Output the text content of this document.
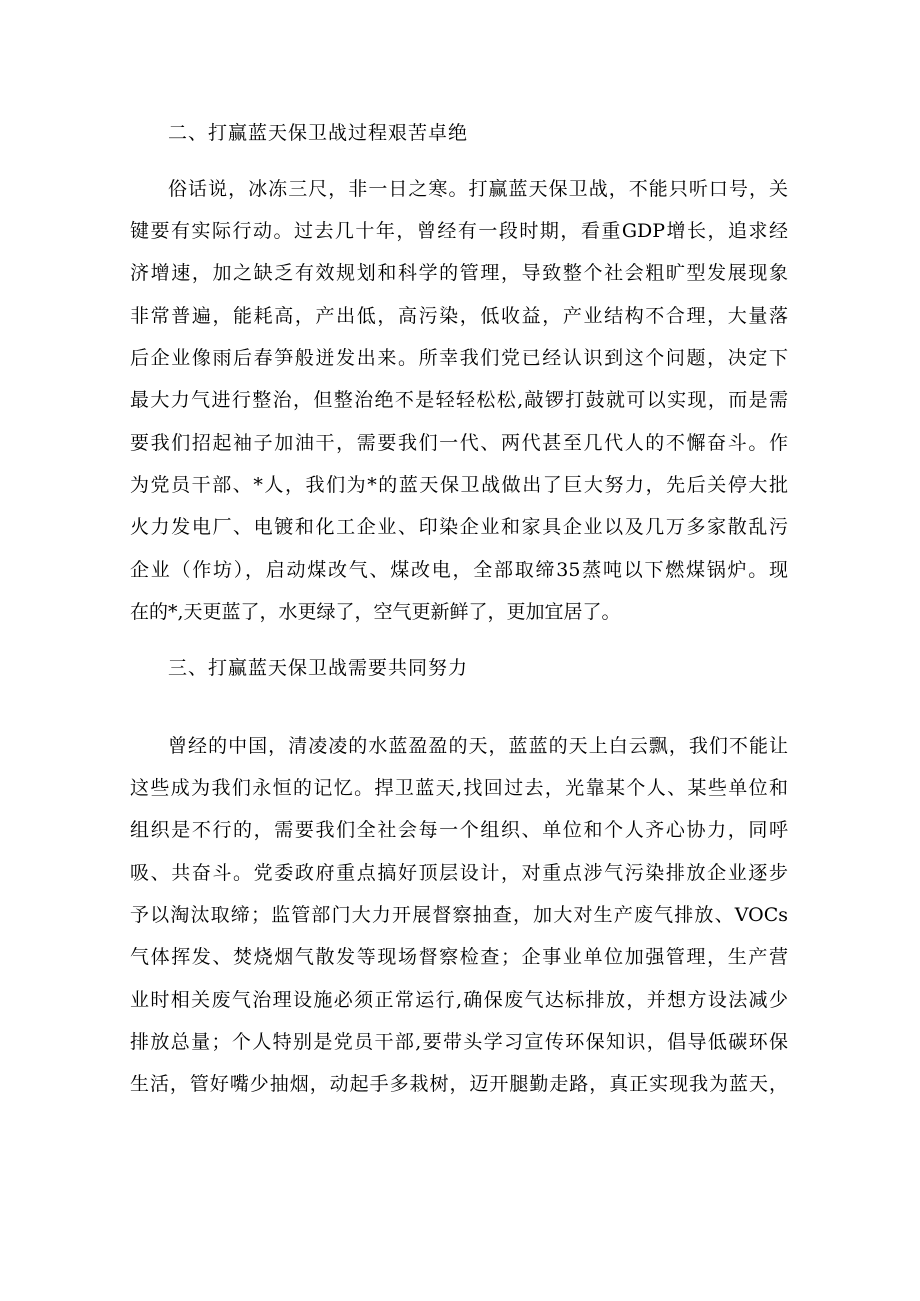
二、打赢蓝天保卫战过程艰苦卓绝
俗话说，冰冻三尺，非一日之寒。打赢蓝天保卫战，不能只听口号，关
键要有实际行动。过去几十年，曾经有一段时期，看重GDP增长，追求经
济增速，加之缺乏有效规划和科学的管理，导致整个社会粗旷型发展现象
非常普遍，能耗高，产出低，高污染，低收益，产业结构不合理，大量落
后企业像雨后春笋般迸发出来。所幸我们党已经认识到这个问题，决定下
最大力气进行整治，但整治绝不是轻轻松松,敲锣打鼓就可以实现，而是需
要我们招起袖子加油干，需要我们一代、两代甚至几代人的不懈奋斗。作
为党员干部、*人，我们为*的蓝天保卫战做出了巨大努力，先后关停大批
火力发电厂、电镀和化工企业、印染企业和家具企业以及几万多家散乱污
企业（作坊），启动煤改气、煤改电，全部取缔35蒸吨以下燃煤锅炉。现
在的*,天更蓝了，水更绿了，空气更新鲜了，更加宜居了。
三、打赢蓝天保卫战需要共同努力
曾经的中国，清凌凌的水蓝盈盈的天，蓝蓝的天上白云飘，我们不能让
这些成为我们永恒的记忆。捍卫蓝天,找回过去，光靠某个人、某些单位和
组织是不行的，需要我们全社会每一个组织、单位和个人齐心协力，同呼
吸、共奋斗。党委政府重点搞好顶层设计，对重点涉气污染排放企业逐步
予以淘汰取缔；监管部门大力开展督察抽查，加大对生产废气排放、VOCs
气体挥发、焚烧烟气散发等现场督察检查；企事业单位加强管理，生产营
业时相关废气治理设施必须正常运行,确保废气达标排放，并想方设法减少
排放总量；个人特别是党员干部,要带头学习宣传环保知识，倡导低碳环保
生活，管好嘴少抽烟，动起手多栽树，迈开腿勤走路，真正实现我为蓝天，
